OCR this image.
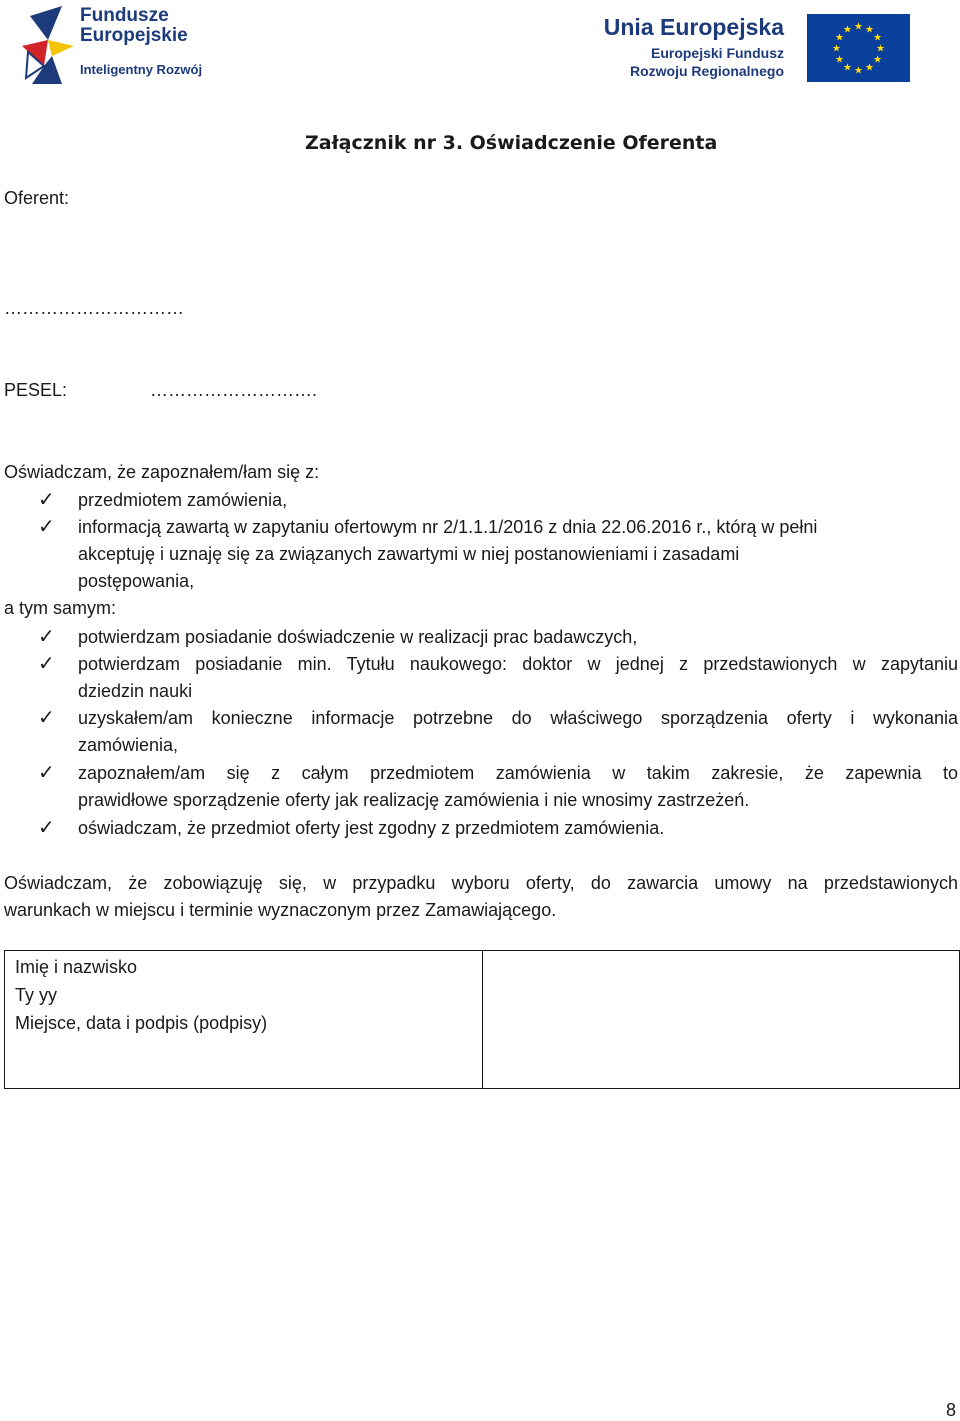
Fundusze
Europejskie
Inteligentny Rozwój
Unia Europejska
Europejski Fundusz
Rozwoju Regionalnego
★ ★
★
★
★
★
★
★
★
★
★
★
Załącznik nr 3. Oświadczenie Oferenta
Oferent:
…………………………
PESEL:	……………………….
Oświadczam, że zapoznałem/łam się z:
✓ przedmiotem zamówienia,
✓ informacją zawartą w zapytaniu ofertowym nr 2/1.1.1/2016 z dnia 22.06.2016 r., którą w pełni
akceptuję i uznaję się za związanych zawartymi w niej postanowieniami i zasadami
postępowania,
a tym samym:
✓ potwierdzam posiadanie doświadczenie w realizacji prac badawczych,
✓ potwierdzam posiadanie min. Tytułu naukowego: doktor w jednej z przedstawionych w zapytaniu
dziedzin nauki
✓ uzyskałem/am konieczne informacje potrzebne do właściwego sporządzenia oferty i wykonania
zamówienia,
✓ zapoznałem/am się z całym przedmiotem zamówienia w takim zakresie, że zapewnia to
prawidłowe sporządzenie oferty jak realizację zamówienia i nie wnosimy zastrzeżeń.
✓ oświadczam, że przedmiot oferty jest zgodny z przedmiotem zamówienia.
Oświadczam, że zobowiązuję się, w przypadku wyboru oferty, do zawarcia umowy na przedstawionych
warunkach w miejscu i terminie wyznaczonym przez Zamawiającego.
Imię i nazwisko
Ty yy
Miejsce, data i podpis (podpisy)

8
